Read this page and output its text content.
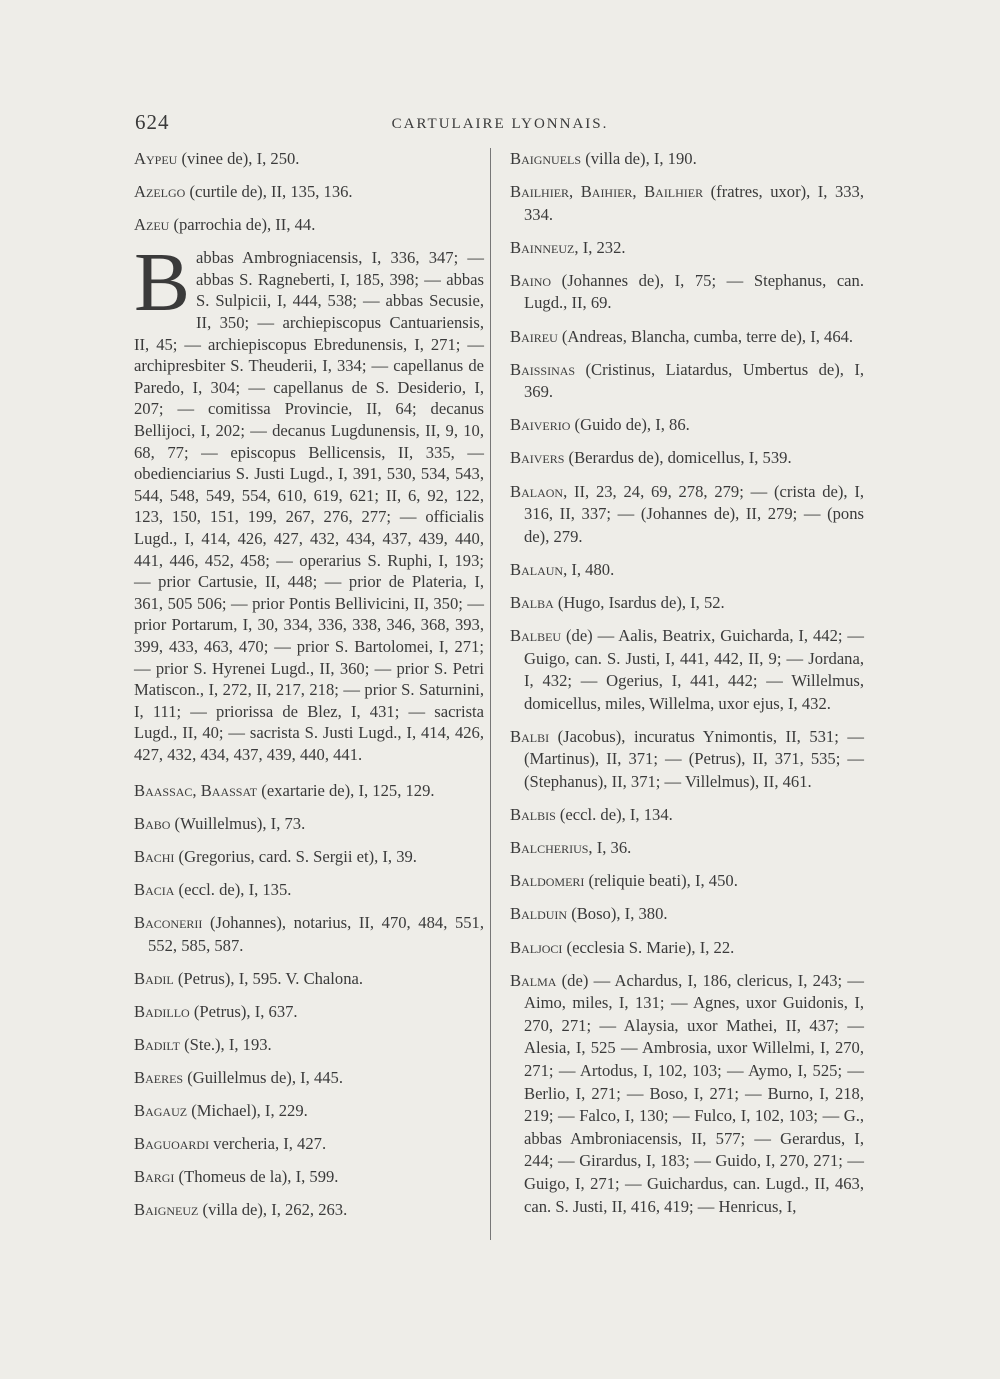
624	CARTULAIRE LYONNAIS.
Aypeu (vinee de), I, 250.
Azelgo (curtile de), II, 135, 136.
Azeu (parrochia de), II, 44.
B abbas Ambrogniacensis, I, 336, 347; — abbas S. Ragneberti, I, 185, 398; — abbas S. Sulpicii, I, 444, 538; — abbas Secusie, II, 350; — archiepiscopus Cantuariensis, II, 45; — archiepiscopus Ebredunensis, I, 271; — archipresbiter S. Theuderii, I, 334; — capellanus de Paredo, I, 304; — capellanus de S. Desiderio, I, 207; — comitissa Provincie, II, 64; decanus Bellijoci, I, 202; — decanus Lugdunensis, II, 9, 10, 68, 77; — episcopus Bellicensis, II, 335, — obedienciarius S. Justi Lugd., I, 391, 530, 534, 543, 544, 548, 549, 554, 610, 619, 621; II, 6, 92, 122, 123, 150, 151, 199, 267, 276, 277; — officialis Lugd., I, 414, 426, 427, 432, 434, 437, 439, 440, 441, 446, 452, 458; — operarius S. Ruphi, I, 193; — prior Cartusie, II, 448; — prior de Plateria, I, 361, 505 506; — prior Pontis Bellivicini, II, 350; — prior Portarum, I, 30, 334, 336, 338, 346, 368, 393, 399, 433, 463, 470; — prior S. Bartolomei, I, 271; — prior S. Hyrenei Lugd., II, 360; — prior S. Petri Matiscon., I, 272, II, 217, 218; — prior S. Saturnini, I, 111; — priorissa de Blez, I, 431; — sacrista Lugd., II, 40; — sacrista S. Justi Lugd., I, 414, 426, 427, 432, 434, 437, 439, 440, 441.
Baassac, Baassat (exartarie de), I, 125, 129.
Babo (Wuillelmus), I, 73.
Bachi (Gregorius, card. S. Sergii et), I, 39.
Bacia (eccl. de), I, 135.
Baconerii (Johannes), notarius, II, 470, 484, 551, 552, 585, 587.
Badil (Petrus), I, 595. V. Chalona.
Badillo (Petrus), I, 637.
Badilt (Ste.), I, 193.
Baeres (Guillelmus de), I, 445.
Bagauz (Michael), I, 229.
Baguoardi vercheria, I, 427.
Bargi (Thomeus de la), I, 599.
Baigneuz (villa de), I, 262, 263.
Baignuels (villa de), I, 190.
Bailhier, Baihier, Bailhier (fratres, uxor), I, 333, 334.
Bainneuz, I, 232.
Baino (Johannes de), I, 75; — Stephanus, can. Lugd., II, 69.
Baireu (Andreas, Blancha, cumba, terre de), I, 464.
Baissinas (Cristinus, Liatardus, Umbertus de), I, 369.
Baiverio (Guido de), I, 86.
Baivers (Berardus de), domicellus, I, 539.
Balaon, II, 23, 24, 69, 278, 279; — (crista de), I, 316, II, 337; — (Johannes de), II, 279; — (pons de), 279.
Balaun, I, 480.
Balba (Hugo, Isardus de), I, 52.
Balbeu (de) — Aalis, Beatrix, Guicharda, I, 442; — Guigo, can. S. Justi, I, 441, 442, II, 9; — Jordana, I, 432; — Ogerius, I, 441, 442; — Willelmus, domicellus, miles, Willelma, uxor ejus, I, 432.
Balbi (Jacobus), incuratus Ynimontis, II, 531; — (Martinus), II, 371; — (Petrus), II, 371, 535; — (Stephanus), II, 371; — Villelmus), II, 461.
Balbis (eccl. de), I, 134.
Balcherius, I, 36.
Baldomeri (reliquie beati), I, 450.
Balduin (Boso), I, 380.
Baljoci (ecclesia S. Marie), I, 22.
Balma (de) — Achardus, I, 186, clericus, I, 243; — Aimo, miles, I, 131; — Agnes, uxor Guidonis, I, 270, 271; — Alaysia, uxor Mathei, II, 437; — Alesia, I, 525 — Ambrosia, uxor Willelmi, I, 270, 271; — Artodus, I, 102, 103; — Aymo, I, 525; — Berlio, I, 271; — Boso, I, 271; — Burno, I, 218, 219; — Falco, I, 130; — Fulco, I, 102, 103; — G., abbas Ambroniacensis, II, 577; — Gerardus, I, 244; — Girardus, I, 183; — Guido, I, 270, 271; — Guigo, I, 271; — Guichardus, can. Lugd., II, 463, can. S. Justi, II, 416, 419; — Henricus, I,
